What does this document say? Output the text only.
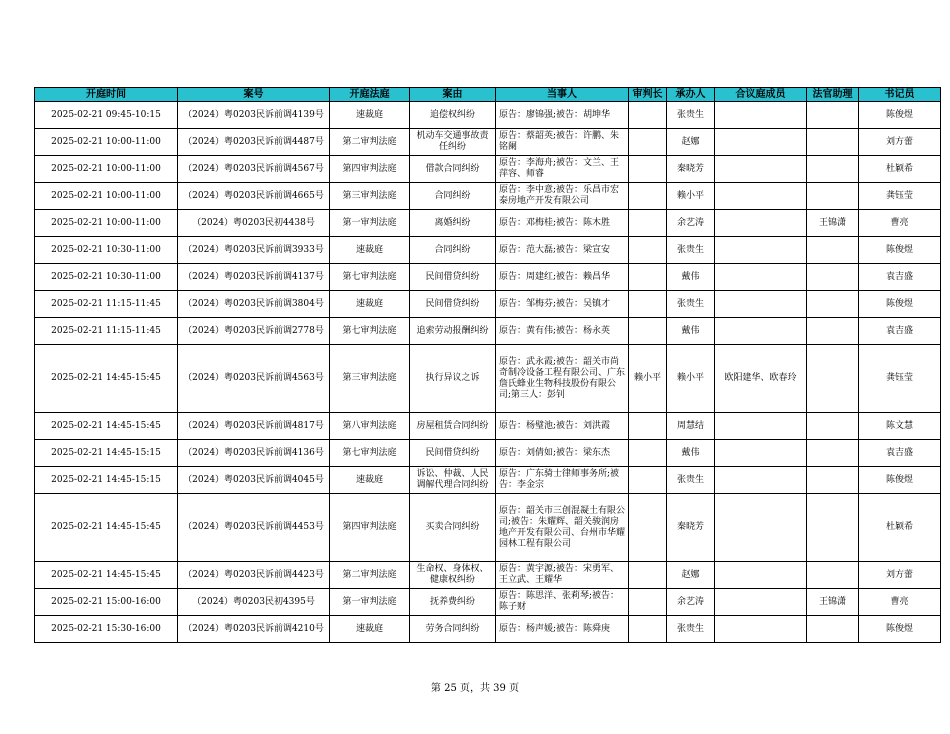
开庭时间	案号	开庭法庭	案由	当事人	审判长	承办人	合议庭成员	法官助理	书记员
2025-02-21 09:45-10:15	（2024）粤0203民诉前调4139号	速裁庭	追偿权纠纷	原告：廖锦强;被告：胡坤华		张贵生			陈俊煜
2025-02-21 10:00-11:00	（2024）粤0203民诉前调4487号	第二审判法庭	机动车交通事故责任纠纷	原告：蔡韶英;被告：许鹏、朱铭阑		赵娜			刘方蕾
2025-02-21 10:00-11:00	（2024）粤0203民诉前调4567号	第四审判法庭	借款合同纠纷	原告：李海舟;被告：文兰、王萍容、师睿		秦晓芳			杜颖希
2025-02-21 10:00-11:00	（2024）粤0203民诉前调4665号	第三审判法庭	合同纠纷	原告：李中意;被告：乐昌市宏泰房地产开发有限公司		赖小平			龚钰莹
2025-02-21 10:00-11:00	（2024）粤0203民初4438号	第一审判法庭	离婚纠纷	原告：邓梅桂;被告：陈木胜		余艺涛		王锦潇	曹亮
2025-02-21 10:30-11:00	（2024）粤0203民诉前调3933号	速裁庭	合同纠纷	原告：范大磊;被告：梁宣安		张贵生			陈俊煜
2025-02-21 10:30-11:00	（2024）粤0203民诉前调4137号	第七审判法庭	民间借贷纠纷	原告：周建红;被告：赖昌华		戴伟			袁吉盛
2025-02-21 11:15-11:45	（2024）粤0203民诉前调3804号	速裁庭	民间借贷纠纷	原告：邹梅芬;被告：吴镇才		张贵生			陈俊煜
2025-02-21 11:15-11:45	（2024）粤0203民诉前调2778号	第七审判法庭	追索劳动报酬纠纷	原告：黄有伟;被告：杨永英		戴伟			袁吉盛
2025-02-21 14:45-15:45	（2024）粤0203民诉前调4563号	第三审判法庭	执行异议之诉	原告：武永霞;被告：韶关市尚奇制冷设备工程有限公司、广东詹氏蜂业生物科技股份有限公司;第三人：彭钊	赖小平	赖小平	欧阳建华、欧春玲		龚钰莹
2025-02-21 14:45-15:45	（2024）粤0203民诉前调4817号	第八审判法庭	房屋租赁合同纠纷	原告：杨璧池;被告：刘洪霞		周慧结			陈文慧
2025-02-21 14:45-15:15	（2024）粤0203民诉前调4136号	第七审判法庭	民间借贷纠纷	原告：刘倩如;被告：梁东杰		戴伟			袁吉盛
2025-02-21 14:45-15:15	（2024）粤0203民诉前调4045号	速裁庭	诉讼、仲裁、人民调解代理合同纠纷	原告：广东骑士律师事务所;被告：李金宗		张贵生			陈俊煜
2025-02-21 14:45-15:45	（2024）粤0203民诉前调4453号	第四审判法庭	买卖合同纠纷	原告：韶关市三创混凝土有限公司;被告：朱耀辉、韶关骏润房地产开发有限公司、台州市华耀园林工程有限公司		秦晓芳			杜颖希
2025-02-21 14:45-15:45	（2024）粤0203民诉前调4423号	第二审判法庭	生命权、身体权、健康权纠纷	原告：黄宇源;被告：宋勇军、王立武、王耀华		赵娜			刘方蕾
2025-02-21 15:00-16:00	（2024）粤0203民初4395号	第一审判法庭	抚养费纠纷	原告：陈思洋、张莉琴;被告：陈子财		余艺涛		王锦潇	曹亮
2025-02-21 15:30-16:00	（2024）粤0203民诉前调4210号	速裁庭	劳务合同纠纷	原告：杨声媛;被告：陈舜庚		张贵生			陈俊煜
第 25 页，共 39 页
